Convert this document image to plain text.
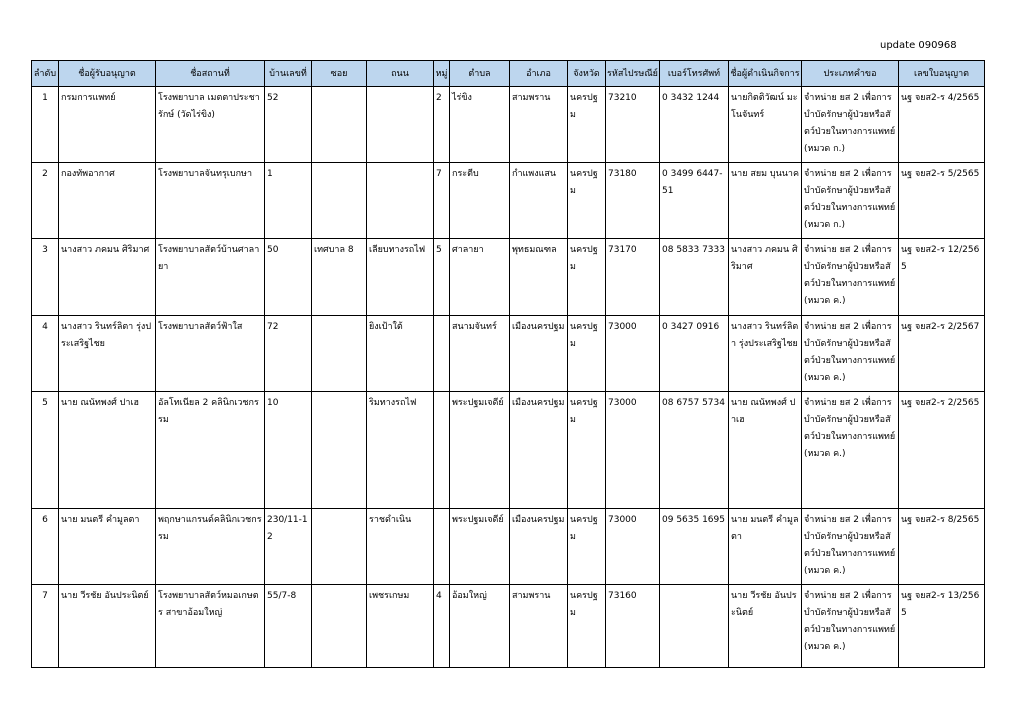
update 090968
ลำดับ	ชื่อผู้รับอนุญาต	ชื่อสถานที่	บ้านเลขที่	ซอย	ถนน	หมู่	ตำบล	อำเภอ	จังหวัด	รหัสไปรษณีย์	เบอร์โทรศัพท์	ชื่อผู้ดำเนินกิจการ	ประเภทคำขอ	เลขใบอนุญาต
1	กรมการแพทย์	โรงพยาบาล เมตตาประชารักษ์ (วัดไร่ขิง)	52			2	ไร่ขิง	สามพราน	นครปฐม	73210	0 3432 1244	นายกิตติวัฒน์ มะโนจันทร์	จำหน่าย ยส 2 เพื่อการบำบัดรักษาผู้ป่วยหรือสัตว์ป่วยในทางการแพทย์ (หมวด ก.)	นฐ จยส2-ร 4/2565
2	กองทัพอากาศ	โรงพยาบาลจันทรุเบกษา	1			7	กระตีบ	กำแพงแสน	นครปฐม	73180	0 3499 6447-51	นาย สยม บุนนาค	จำหน่าย ยส 2 เพื่อการบำบัดรักษาผู้ป่วยหรือสัตว์ป่วยในทางการแพทย์ (หมวด ก.)	นฐ จยส2-ร 5/2565
3	นางสาว ภคมน ศิริมาศ	โรงพยาบาลสัตว์บ้านศาลายา	50	เทศบาล 8	เลียบทางรถไฟ	5	ศาลายา	พุทธมณฑล	นครปฐม	73170	08 5833 7333	นางสาว ภคมน ศิริมาศ	จำหน่าย ยส 2 เพื่อการบำบัดรักษาผู้ป่วยหรือสัตว์ป่วยในทางการแพทย์ (หมวด ค.)	นฐ จยส2-ร 12/2565
4	นางสาว รินทร์ลิตา รุ่งประเสริฐไชย	โรงพยาบาลสัตว์ฟ้าใส	72		ยิงเป้าใต้		สนามจันทร์	เมืองนครปฐม	นครปฐม	73000	0 3427 0916	นางสาว รินทร์ลิตา รุ่งประเสริฐไชย	จำหน่าย ยส 2 เพื่อการบำบัดรักษาผู้ป่วยหรือสัตว์ป่วยในทางการแพทย์ (หมวด ค.)	นฐ จยส2-ร 2/2567
5	นาย ณนัทพงศ์ ปาเฮ	อัลโทเนียล 2 คลินิกเวชกรรม	10		ริมทางรถไฟ		พระปฐมเจดีย์	เมืองนครปฐม	นครปฐม	73000	08 6757 5734	นาย ณนัทพงศ์ ปาเฮ	จำหน่าย ยส 2 เพื่อการบำบัดรักษาผู้ป่วยหรือสัตว์ป่วยในทางการแพทย์ (หมวด ค.)	นฐ จยส2-ร 2/2565
6	นาย มนตรี คำมูลตา	พฤกษาแกรนด์คลินิกเวชกรรม	230/11-12		ราชดำเนิน		พระปฐมเจดีย์	เมืองนครปฐม	นครปฐม	73000	09 5635 1695	นาย มนตรี คำมูลตา	จำหน่าย ยส 2 เพื่อการบำบัดรักษาผู้ป่วยหรือสัตว์ป่วยในทางการแพทย์ (หมวด ค.)	นฐ จยส2-ร 8/2565
7	นาย วีรชัย อันประนิตย์	โรงพยาบาลสัตว์หมอเกษตร สาขาอ้อมใหญ่	55/7-8		เพชรเกษม	4	อ้อมใหญ่	สามพราน	นครปฐม	73160		นาย วีรชัย อันประนิตย์	จำหน่าย ยส 2 เพื่อการบำบัดรักษาผู้ป่วยหรือสัตว์ป่วยในทางการแพทย์ (หมวด ค.)	นฐ จยส2-ร 13/2565
